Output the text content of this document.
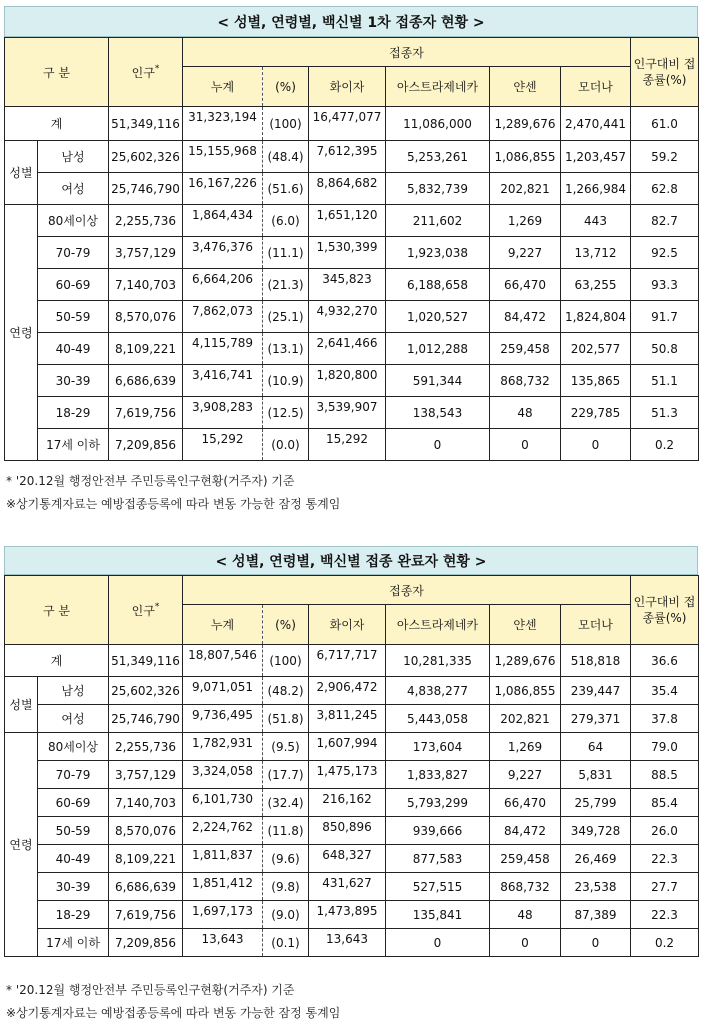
< 성별, 연령별, 백신별 1차 접종자 현황 >
구 분		인구*	접종자						인구대비 접종률(%)
			누계	(%)	화이자	아스트라제네카	얀센	모더나	
계		51,349,116	31,323,194	(100)	16,477,077	11,086,000	1,289,676	2,470,441	61.0
성별	남성	25,602,326	15,155,968	(48.4)	7,612,395	5,253,261	1,086,855	1,203,457	59.2
	여성	25,746,790	16,167,226	(51.6)	8,864,682	5,832,739	202,821	1,266,984	62.8
연령	80세이상	2,255,736	1,864,434	(6.0)	1,651,120	211,602	1,269	443	82.7
	70-79	3,757,129	3,476,376	(11.1)	1,530,399	1,923,038	9,227	13,712	92.5
	60-69	7,140,703	6,664,206	(21.3)	345,823	6,188,658	66,470	63,255	93.3
	50-59	8,570,076	7,862,073	(25.1)	4,932,270	1,020,527	84,472	1,824,804	91.7
	40-49	8,109,221	4,115,789	(13.1)	2,641,466	1,012,288	259,458	202,577	50.8
	30-39	6,686,639	3,416,741	(10.9)	1,820,800	591,344	868,732	135,865	51.1
	18-29	7,619,756	3,908,283	(12.5)	3,539,907	138,543	48	229,785	51.3
	17세 이하	7,209,856	15,292	(0.0)	15,292	0	0	0	0.2
* '20.12월 행정안전부 주민등록인구현황(거주자) 기준
※상기통계자료는 예방접종등록에 따라 변동 가능한 잠정 통계임
< 성별, 연령별, 백신별 접종 완료자 현황 >
구 분		인구*	접종자						인구대비 접종률(%)
			누계	(%)	화이자	아스트라제네카	얀센	모더나	
계		51,349,116	18,807,546	(100)	6,717,717	10,281,335	1,289,676	518,818	36.6
성별	남성	25,602,326	9,071,051	(48.2)	2,906,472	4,838,277	1,086,855	239,447	35.4
	여성	25,746,790	9,736,495	(51.8)	3,811,245	5,443,058	202,821	279,371	37.8
연령	80세이상	2,255,736	1,782,931	(9.5)	1,607,994	173,604	1,269	64	79.0
	70-79	3,757,129	3,324,058	(17.7)	1,475,173	1,833,827	9,227	5,831	88.5
	60-69	7,140,703	6,101,730	(32.4)	216,162	5,793,299	66,470	25,799	85.4
	50-59	8,570,076	2,224,762	(11.8)	850,896	939,666	84,472	349,728	26.0
	40-49	8,109,221	1,811,837	(9.6)	648,327	877,583	259,458	26,469	22.3
	30-39	6,686,639	1,851,412	(9.8)	431,627	527,515	868,732	23,538	27.7
	18-29	7,619,756	1,697,173	(9.0)	1,473,895	135,841	48	87,389	22.3
	17세 이하	7,209,856	13,643	(0.1)	13,643	0	0	0	0.2
* '20.12월 행정안전부 주민등록인구현황(거주자) 기준
※상기통계자료는 예방접종등록에 따라 변동 가능한 잠정 통계임
